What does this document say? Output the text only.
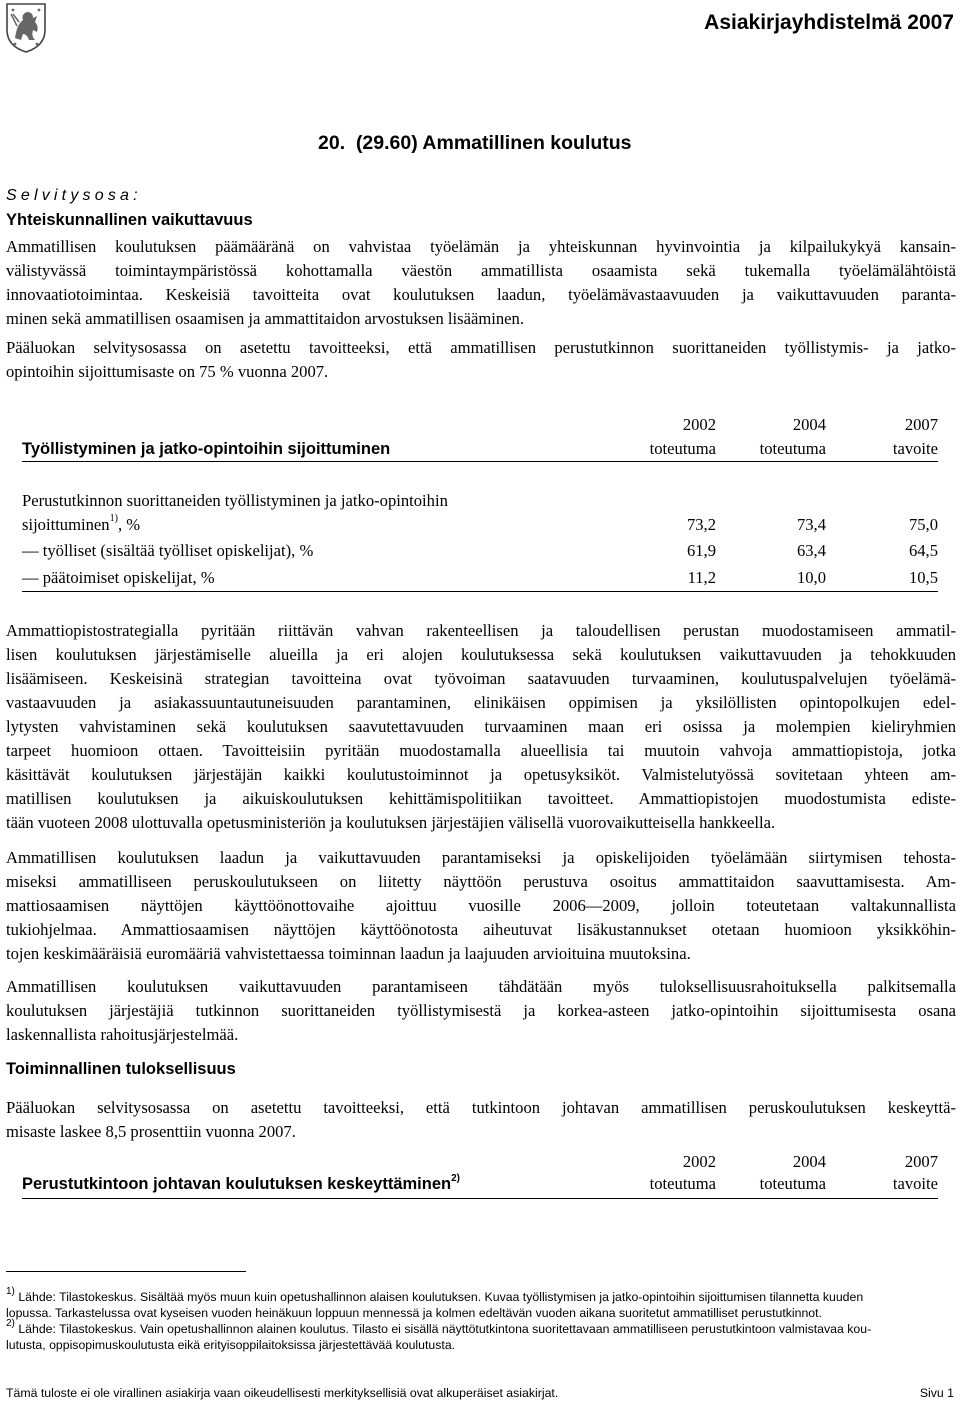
Asiakirjayhdistelmä 2007
20.  (29.60) Ammatillinen koulutus
Selvitysosa:
Yhteiskunnallinen vaikuttavuus
Ammatillisen koulutuksen päämääränä on vahvistaa työelämän ja yhteiskunnan hyvinvointia ja kilpailukykyä kansain-
välistyvässä toimintaympäristössä kohottamalla väestön ammatillista osaamista sekä tukemalla työelämälähtöistä
innovaatiotoimintaa. Keskeisiä tavoitteita ovat koulutuksen laadun, työelämävastaavuuden ja vaikuttavuuden paranta-
minen sekä ammatillisen osaamisen ja ammattitaidon arvostuksen lisääminen.
Pääluokan selvitysosassa on asetettu tavoitteeksi, että ammatillisen perustutkinnon suorittaneiden työllistymis- ja jatko-
opintoihin sijoittumisaste on 75 % vuonna 2007.
2002	2004	2007
Työllistyminen ja jatko-opintoihin sijoittuminen	toteutuma	toteutuma	tavoite
Perustutkinnon suorittaneiden työllistyminen ja jatko-opintoihin
sijoittuminen$^{1)}$, %	73,2	73,4	75,0
— työlliset (sisältää työlliset opiskelijat), %	61,9	63,4	64,5
— päätoimiset opiskelijat, %	11,2	10,0	10,5
Ammattiopistostrategialla pyritään riittävän vahvan rakenteellisen ja taloudellisen perustan muodostamiseen ammatil-
lisen koulutuksen järjestämiselle alueilla ja eri alojen koulutuksessa sekä koulutuksen vaikuttavuuden ja tehokkuuden
lisäämiseen. Keskeisinä strategian tavoitteina ovat työvoiman saatavuuden turvaaminen, koulutuspalvelujen työelämä-
vastaavuuden ja asiakassuuntautuneisuuden parantaminen, elinikäisen oppimisen ja yksilöllisten opintopolkujen edel-
lytysten vahvistaminen sekä koulutuksen saavutettavuuden turvaaminen maan eri osissa ja molempien kieliryhmien
tarpeet huomioon ottaen. Tavoitteisiin pyritään muodostamalla alueellisia tai muutoin vahvoja ammattiopistoja, jotka
käsittävät koulutuksen järjestäjän kaikki koulutustoiminnot ja opetusyksiköt. Valmistelutyössä sovitetaan yhteen am-
matillisen koulutuksen ja aikuiskoulutuksen kehittämispolitiikan tavoitteet. Ammattiopistojen muodostumista ediste-
tään vuoteen 2008 ulottuvalla opetusministeriön ja koulutuksen järjestäjien välisellä vuorovaikutteisella hankkeella.
Ammatillisen koulutuksen laadun ja vaikuttavuuden parantamiseksi ja opiskelijoiden työelämään siirtymisen tehosta-
miseksi ammatilliseen peruskoulutukseen on liitetty näyttöön perustuva osoitus ammattitaidon saavuttamisesta. Am-
mattiosaamisen näyttöjen käyttöönottovaihe ajoittuu vuosille 2006—2009, jolloin toteutetaan valtakunnallista
tukiohjelmaa. Ammattiosaamisen näyttöjen käyttöönotosta aiheutuvat lisäkustannukset otetaan huomioon yksikköhin-
tojen keskimääräisiä euromääriä vahvistettaessa toiminnan laadun ja laajuuden arvioituina muutoksina.
Ammatillisen koulutuksen vaikuttavuuden parantamiseen tähdätään myös tuloksellisuusrahoituksella palkitsemalla
koulutuksen järjestäjiä tutkinnon suorittaneiden työllistymisestä ja korkea-asteen jatko-opintoihin sijoittumisesta osana
laskennallista rahoitusjärjestelmää.
Toiminnallinen tuloksellisuus
Pääluokan selvitysosassa on asetettu tavoitteeksi, että tutkintoon johtavan ammatillisen peruskoulutuksen keskeyttä-
misaste laskee 8,5 prosenttiin vuonna 2007.
2002	2004	2007
Perustutkintoon johtavan koulutuksen keskeyttäminen$^{2)}$	toteutuma	toteutuma	tavoite
$^{1)}$ Lähde: Tilastokeskus. Sisältää myös muun kuin opetushallinnon alaisen koulutuksen. Kuvaa työllistymisen ja jatko-opintoihin sijoittumisen tilannetta kuuden
lopussa. Tarkastelussa ovat kyseisen vuoden heinäkuun loppuun mennessä ja kolmen edeltävän vuoden aikana suoritetut ammatilliset perustutkinnot.
$^{2)}$ Lähde: Tilastokeskus. Vain opetushallinnon alainen koulutus. Tilasto ei sisällä näyttötutkintona suoritettavaan ammatilliseen perustutkintoon valmistavaa kou-
lutusta, oppisopimuskoulutusta eikä erityisoppilaitoksissa järjestettävää koulutusta.
Tämä tuloste ei ole virallinen asiakirja vaan oikeudellisesti merkityksellisiä ovat alkuperäiset asiakirjat.	Sivu 1
